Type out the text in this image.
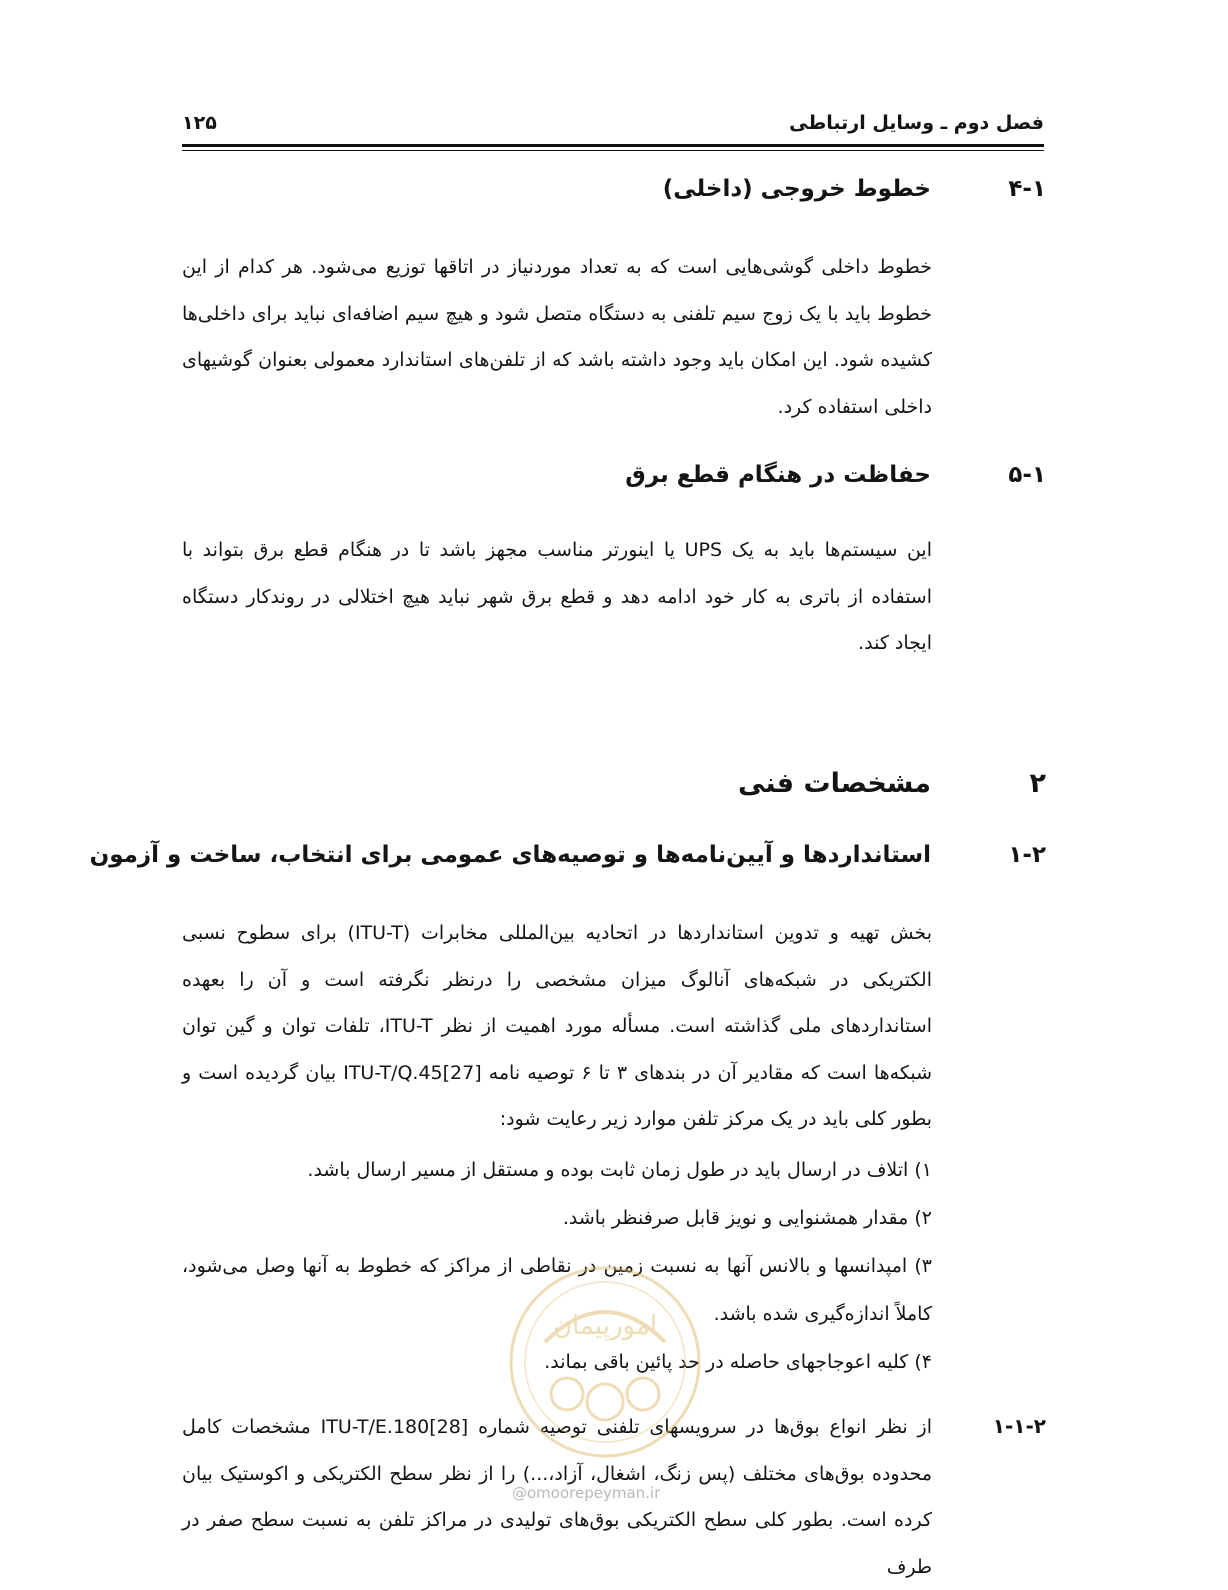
فصل دوم ـ وسایل ارتباطی
۱۲۵
۴-۱
خطوط خروجی (داخلی)
خطوط داخلی گوشی‌هایی است که به تعداد موردنیاز در اتاقها توزیع می‌شود. هر کدام از این خطوط باید با یک زوج سیم تلفنی به دستگاه متصل شود و هیچ سیم اضافه‌ای نباید برای داخلی‌ها کشیده شود. این امکان باید وجود داشته باشد که از تلفن‌های استاندارد معمولی بعنوان گوشیهای داخلی استفاده کرد.
۵-۱
حفاظت در هنگام قطع برق
این سیستم‌ها باید به یک UPS یا اینورتر مناسب مجهز باشد تا در هنگام قطع برق بتواند با استفاده از باتری به کار خود ادامه دهد و قطع برق شهر نباید هیچ اختلالی در روندکار دستگاه ایجاد کند.
۲
مشخصات فنی
۱-۲
استانداردها و آیین‌نامه‌ها و توصیه‌های عمومی برای انتخاب، ساخت و آزمون
بخش تهیه و تدوین استانداردها در اتحادیه بین‌المللی مخابرات (ITU-T) برای سطوح نسبی الکتریکی در شبکه‌های آنالوگ میزان مشخصی را درنظر نگرفته است و آن را بعهده استانداردهای ملی گذاشته است. مسأله مورد اهمیت از نظر ITU-T، تلفات توان و گین توان شبکه‌ها است که مقادیر آن در بندهای ۳ تا ۶ توصیه نامه ITU-T/Q.45[27] بیان گردیده است و بطور کلی باید در یک مرکز تلفن موارد زیر رعایت شود:
۱) اتلاف در ارسال باید در طول زمان ثابت بوده و مستقل از مسیر ارسال باشد.
۲) مقدار همشنوایی و نویز قابل صرفنظر باشد.
۳) امپدانسها و بالانس آنها به نسبت زمین در نقاطی از مراکز که خطوط به آنها وصل می‌شود، کاملاً اندازه‌گیری شده باشد.
۴) کلیه اعوجاجهای حاصله در حد پائین باقی بماند.
۱-۱-۲
از نظر انواع بوق‌ها در سرویسهای تلفنی توصیه شماره ITU-T/E.180[28] مشخصات کامل محدوده بوق‌های مختلف (پس زنگ، اشغال، آزاد،...) را از نظر سطح الکتریکی و اکوستیک بیان کرده است. بطور کلی سطح الکتریکی بوق‌های تولیدی در مراکز تلفن به نسبت سطح صفر در طرف
امورپیمان
@omoorepeyman.ir
